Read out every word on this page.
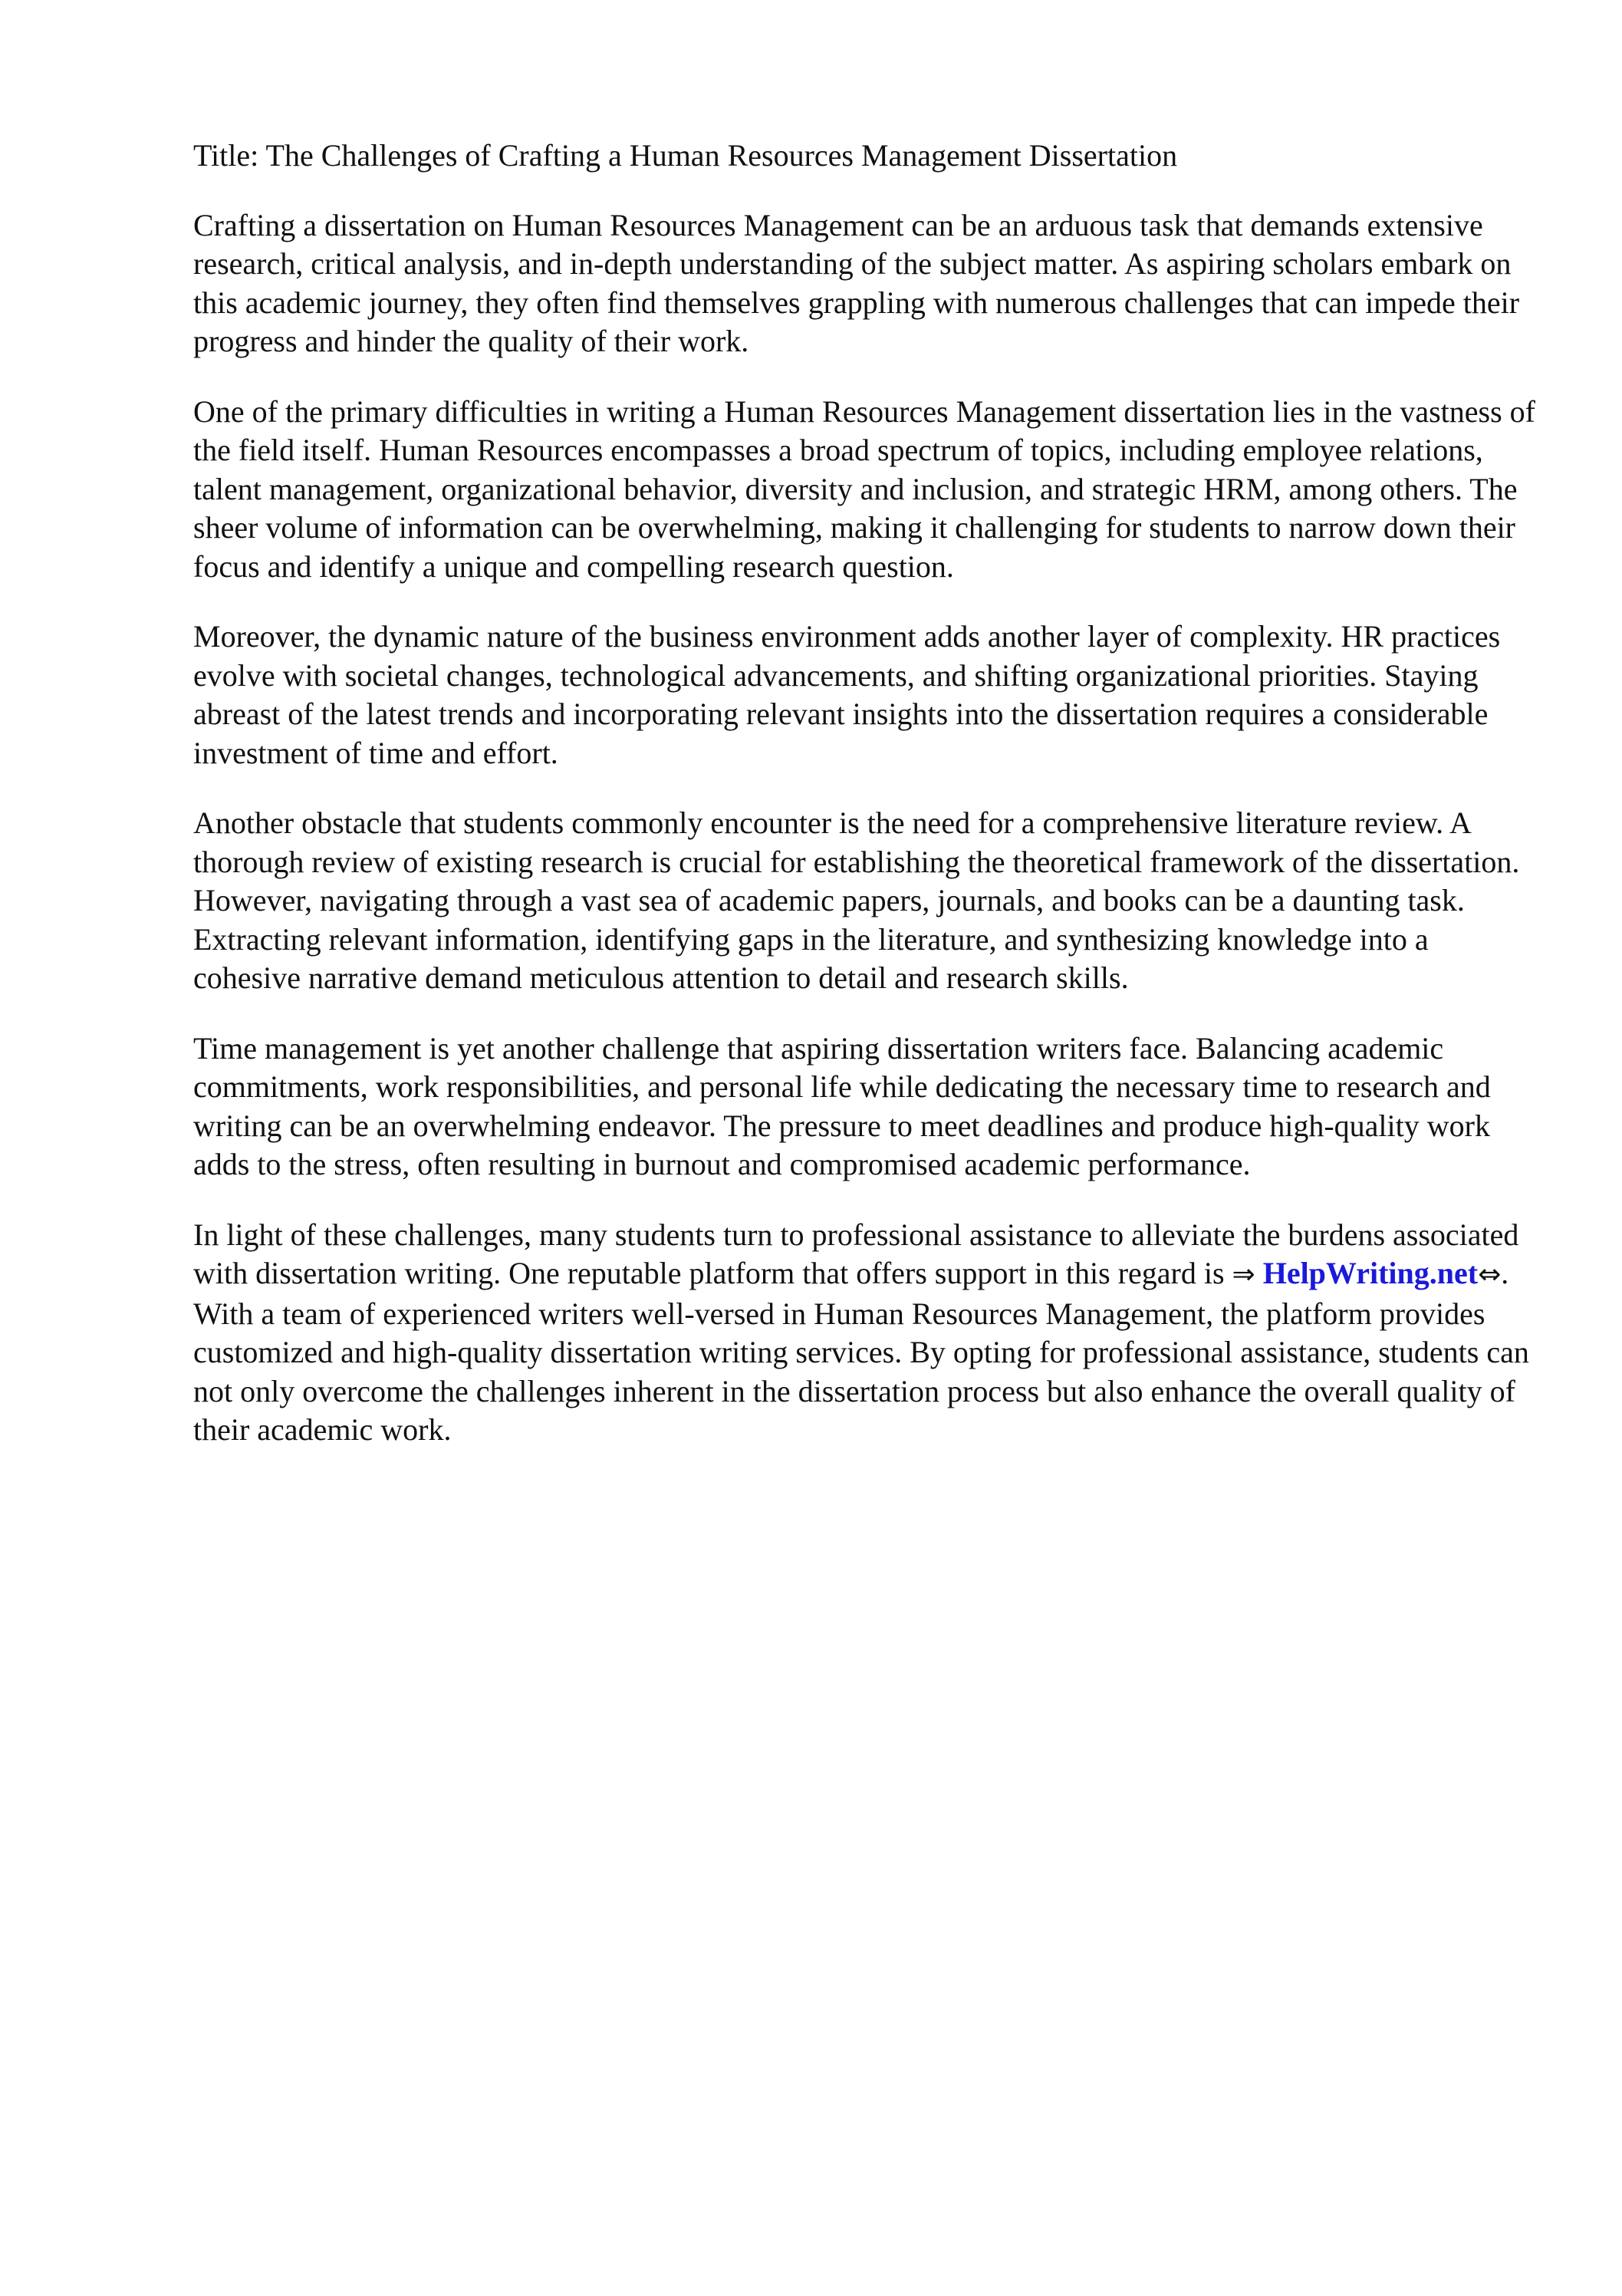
Title: The Challenges of Crafting a Human Resources Management Dissertation

Crafting a dissertation on Human Resources Management can be an arduous task that demands extensive research, critical analysis, and in-depth understanding of the subject matter. As aspiring scholars embark on this academic journey, they often find themselves grappling with numerous challenges that can impede their progress and hinder the quality of their work.

One of the primary difficulties in writing a Human Resources Management dissertation lies in the vastness of the field itself. Human Resources encompasses a broad spectrum of topics, including employee relations, talent management, organizational behavior, diversity and inclusion, and strategic HRM, among others. The sheer volume of information can be overwhelming, making it challenging for students to narrow down their focus and identify a unique and compelling research question.

Moreover, the dynamic nature of the business environment adds another layer of complexity. HR practices evolve with societal changes, technological advancements, and shifting organizational priorities. Staying abreast of the latest trends and incorporating relevant insights into the dissertation requires a considerable investment of time and effort.

Another obstacle that students commonly encounter is the need for a comprehensive literature review. A thorough review of existing research is crucial for establishing the theoretical framework of the dissertation. However, navigating through a vast sea of academic papers, journals, and books can be a daunting task. Extracting relevant information, identifying gaps in the literature, and synthesizing knowledge into a cohesive narrative demand meticulous attention to detail and research skills.

Time management is yet another challenge that aspiring dissertation writers face. Balancing academic commitments, work responsibilities, and personal life while dedicating the necessary time to research and writing can be an overwhelming endeavor. The pressure to meet deadlines and produce high-quality work adds to the stress, often resulting in burnout and compromised academic performance.

In light of these challenges, many students turn to professional assistance to alleviate the burdens associated with dissertation writing. One reputable platform that offers support in this regard is ⇒ HelpWriting.net⇔. With a team of experienced writers well-versed in Human Resources Management, the platform provides customized and high-quality dissertation writing services. By opting for professional assistance, students can not only overcome the challenges inherent in the dissertation process but also enhance the overall quality of their academic work.
